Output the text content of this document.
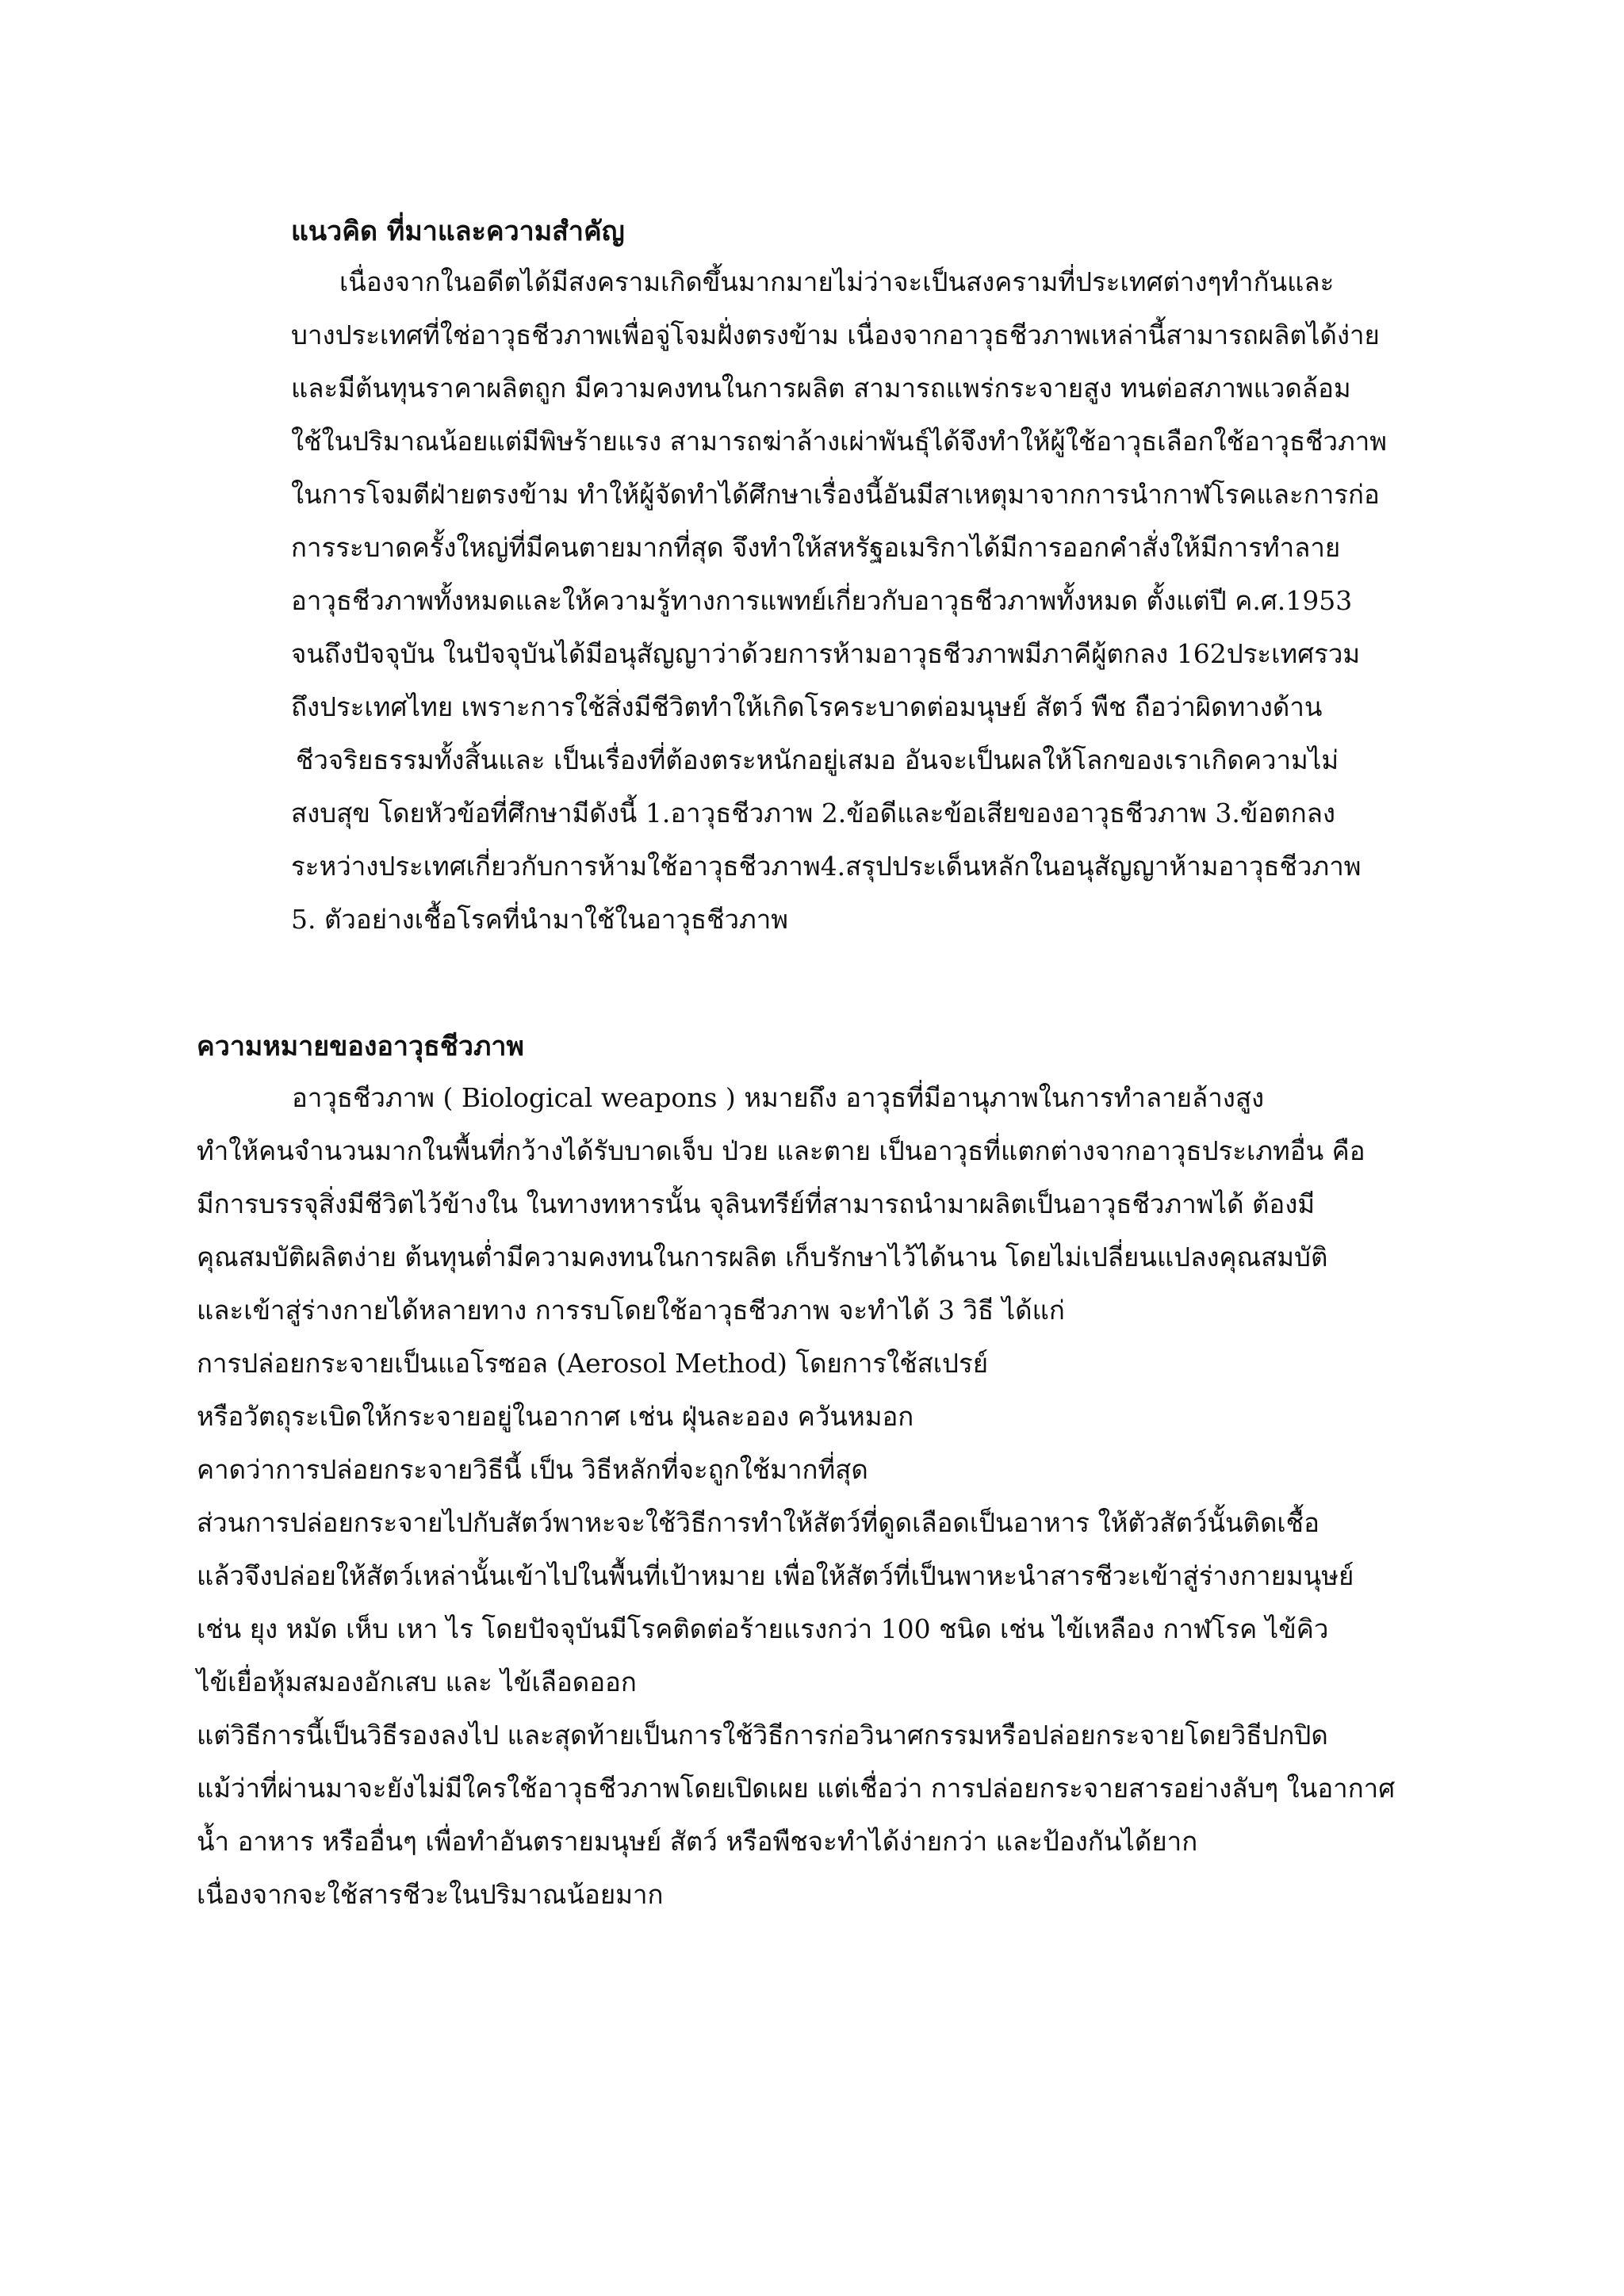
แนวคิด ที่มาและความสำคัญ

เนื่องจากในอดีตได้มีสงครามเกิดขึ้นมากมายไม่ว่าจะเป็นสงครามที่ประเทศต่างๆทำกันและ

บางประเทศที่ใช่อาวุธชีวภาพเพื่อจู่โจมฝั่งตรงข้าม เนื่องจากอาวุธชีวภาพเหล่านี้สามารถผลิตได้ง่าย

และมีต้นทุนราคาผลิตถูก มีความคงทนในการผลิต สามารถแพร่กระจายสูง ทนต่อสภาพแวดล้อม

ใช้ในปริมาณน้อยแต่มีพิษร้ายแรง สามารถฆ่าล้างเผ่าพันธุ์ได้จึงทำให้ผู้ใช้อาวุธเลือกใช้อาวุธชีวภาพ

ในการโจมตีฝ่ายตรงข้าม ทำให้ผู้จัดทำได้ศึกษาเรื่องนี้อันมีสาเหตุมาจากการนำกาฬโรคและการก่อ

การระบาดครั้งใหญ่ที่มีคนตายมากที่สุด จึงทำให้สหรัฐอเมริกาได้มีการออกคำสั่งให้มีการทำลาย

อาวุธชีวภาพทั้งหมดและให้ความรู้ทางการแพทย์เกี่ยวกับอาวุธชีวภาพทั้งหมด ตั้งแต่ปี ค.ศ.1953

จนถึงปัจจุบัน ในปัจจุบันได้มีอนุสัญญาว่าด้วยการห้ามอาวุธชีวภาพมีภาคีผู้ตกลง 162ประเทศรวม

ถึงประเทศไทย เพราะการใช้สิ่งมีชีวิตทำให้เกิดโรคระบาดต่อมนุษย์ สัตว์ พืช ถือว่าผิดทางด้าน

ชีวจริยธรรมทั้งสิ้นและ เป็นเรื่องที่ต้องตระหนักอยู่เสมอ อันจะเป็นผลให้โลกของเราเกิดความไม่

สงบสุข โดยหัวข้อที่ศึกษามีดังนี้ 1.อาวุธชีวภาพ 2.ข้อดีและข้อเสียของอาวุธชีวภาพ 3.ข้อตกลง

ระหว่างประเทศเกี่ยวกับการห้ามใช้อาวุธชีวภาพ4.สรุปประเด็นหลักในอนุสัญญาห้ามอาวุธชีวภาพ

5. ตัวอย่างเชื้อโรคที่นำมาใช้ในอาวุธชีวภาพ

ความหมายของอาวุธชีวภาพ

อาวุธชีวภาพ ( Biological weapons ) หมายถึง อาวุธที่มีอานุภาพในการทำลายล้างสูง

ทำให้คนจำนวนมากในพื้นที่กว้างได้รับบาดเจ็บ ป่วย และตาย เป็นอาวุธที่แตกต่างจากอาวุธประเภทอื่น คือ

มีการบรรจุสิ่งมีชีวิตไว้ข้างใน ในทางทหารนั้น จุลินทรีย์ที่สามารถนำมาผลิตเป็นอาวุธชีวภาพได้ ต้องมี

คุณสมบัติผลิตง่าย ต้นทุนต่ำมีความคงทนในการผลิต เก็บรักษาไว้ได้นาน โดยไม่เปลี่ยนแปลงคุณสมบัติ

และเข้าสู่ร่างกายได้หลายทาง การรบโดยใช้อาวุธชีวภาพ จะทำได้ 3 วิธี ได้แก่

การปล่อยกระจายเป็นแอโรซอล (Aerosol Method) โดยการใช้สเปรย์

หรือวัตถุระเบิดให้กระจายอยู่ในอากาศ เช่น ฝุ่นละออง ควันหมอก

คาดว่าการปล่อยกระจายวิธีนี้ เป็น วิธีหลักที่จะถูกใช้มากที่สุด

ส่วนการปล่อยกระจายไปกับสัตว์พาหะจะใช้วิธีการทำให้สัตว์ที่ดูดเลือดเป็นอาหาร ให้ตัวสัตว์นั้นติดเชื้อ

แล้วจึงปล่อยให้สัตว์เหล่านั้นเข้าไปในพื้นที่เป้าหมาย เพื่อให้สัตว์ที่เป็นพาหะนำสารชีวะเข้าสู่ร่างกายมนุษย์

เช่น ยุง หมัด เห็บ เหา ไร โดยปัจจุบันมีโรคติดต่อร้ายแรงกว่า 100 ชนิด เช่น ไข้เหลือง กาฬโรค ไข้คิว

ไข้เยื่อหุ้มสมองอักเสบ และ ไข้เลือดออก

แต่วิธีการนี้เป็นวิธีรองลงไป และสุดท้ายเป็นการใช้วิธีการก่อวินาศกรรมหรือปล่อยกระจายโดยวิธีปกปิด

แม้ว่าที่ผ่านมาจะยังไม่มีใครใช้อาวุธชีวภาพโดยเปิดเผย แต่เชื่อว่า การปล่อยกระจายสารอย่างลับๆ ในอากาศ

น้ำ อาหาร หรืออื่นๆ เพื่อทำอันตรายมนุษย์ สัตว์ หรือพืชจะทำได้ง่ายกว่า และป้องกันได้ยาก

เนื่องจากจะใช้สารชีวะในปริมาณน้อยมาก
